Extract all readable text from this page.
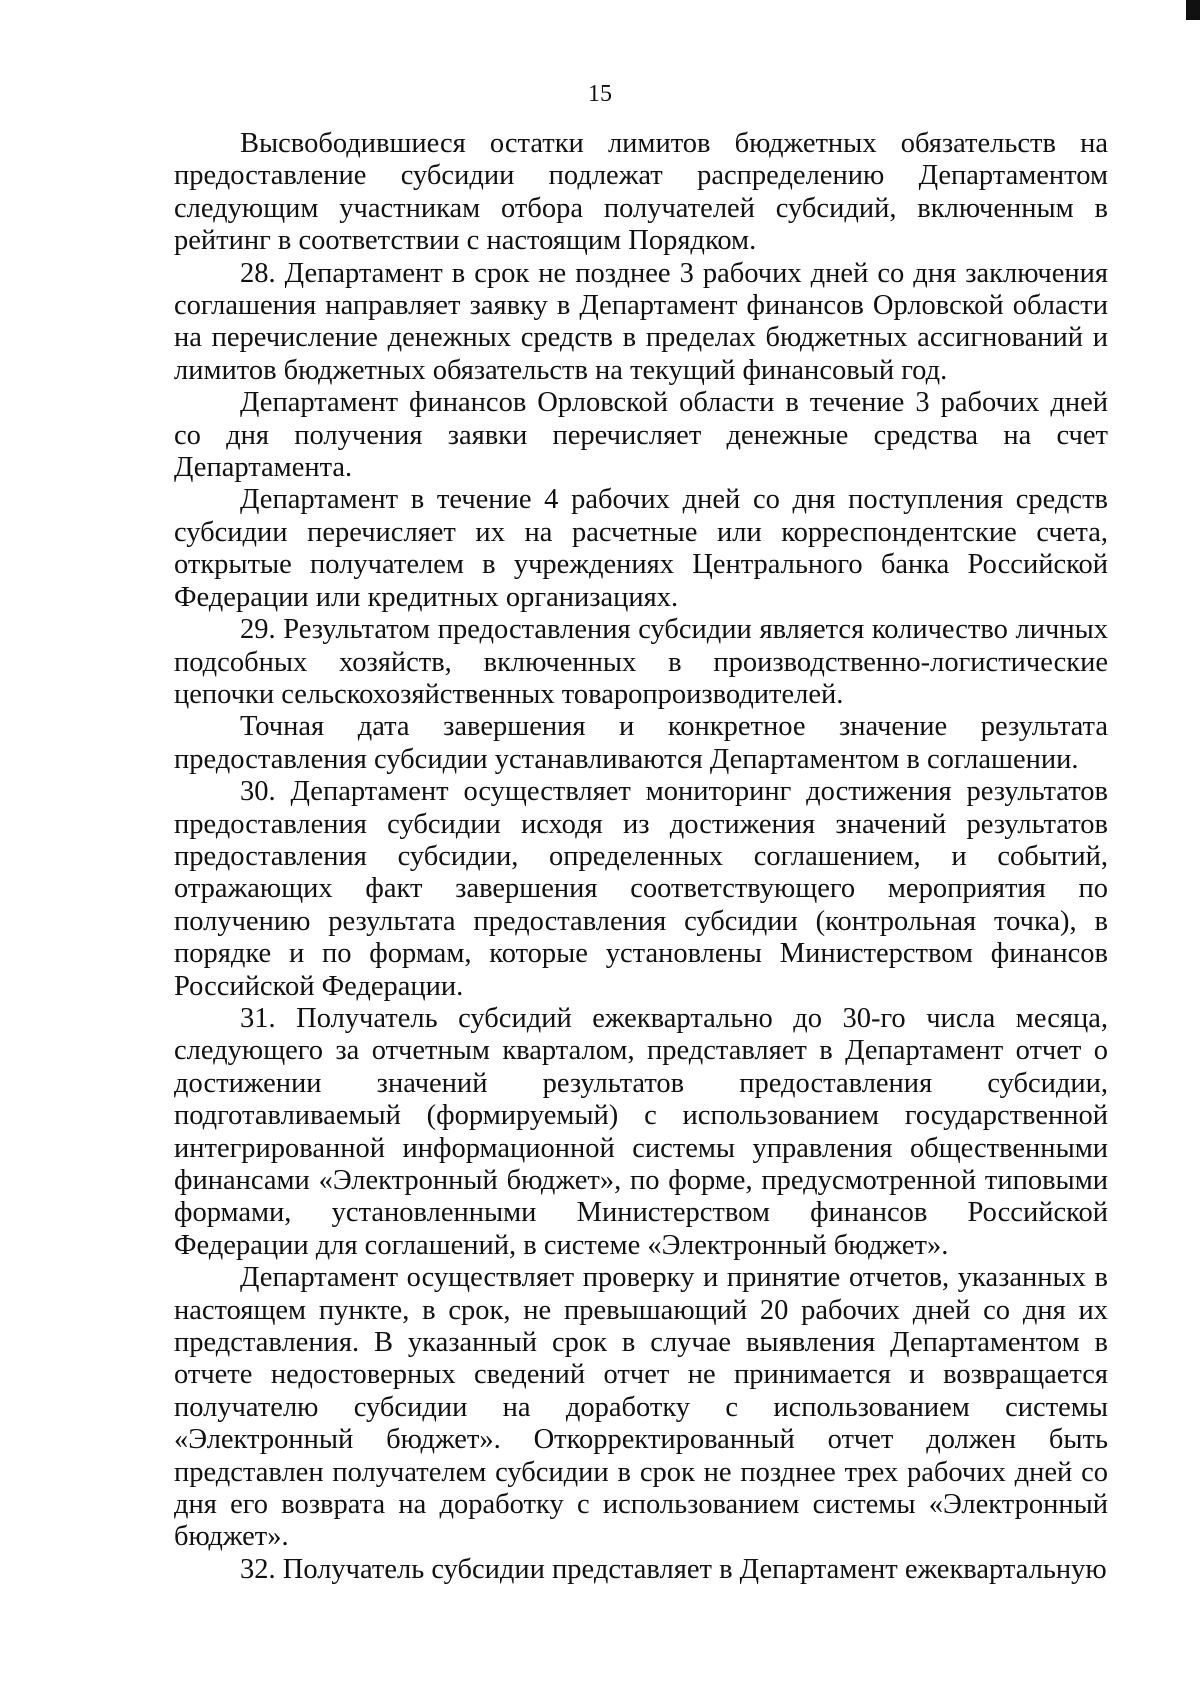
15

Высвободившиеся остатки лимитов бюджетных обязательств на предоставление субсидии подлежат распределению Департаментом следующим участникам отбора получателей субсидий, включенным в рейтинг в соответствии с настоящим Порядком.

28. Департамент в срок не позднее 3 рабочих дней со дня заключения соглашения направляет заявку в Департамент финансов Орловской области на перечисление денежных средств в пределах бюджетных ассигнований и лимитов бюджетных обязательств на текущий финансовый год.

Департамент финансов Орловской области в течение 3 рабочих дней со дня получения заявки перечисляет денежные средства на счет Департамента.

Департамент в течение 4 рабочих дней со дня поступления средств субсидии перечисляет их на расчетные или корреспондентские счета, открытые получателем в учреждениях Центрального банка Российской Федерации или кредитных организациях.

29. Результатом предоставления субсидии является количество личных подсобных хозяйств, включенных в производственно-логистические цепочки сельскохозяйственных товаропроизводителей.

Точная дата завершения и конкретное значение результата предоставления субсидии устанавливаются Департаментом в соглашении.

30. Департамент осуществляет мониторинг достижения результатов предоставления субсидии исходя из достижения значений результатов предоставления субсидии, определенных соглашением, и событий, отражающих факт завершения соответствующего мероприятия по получению результата предоставления субсидии (контрольная точка), в порядке и по формам, которые установлены Министерством финансов Российской Федерации.

31. Получатель субсидий ежеквартально до 30-го числа месяца, следующего за отчетным кварталом, представляет в Департамент отчет о достижении значений результатов предоставления субсидии, подготавливаемый (формируемый) с использованием государственной интегрированной информационной системы управления общественными финансами «Электронный бюджет», по форме, предусмотренной типовыми формами, установленными Министерством финансов Российской Федерации для соглашений, в системе «Электронный бюджет».

Департамент осуществляет проверку и принятие отчетов, указанных в настоящем пункте, в срок, не превышающий 20 рабочих дней со дня их представления. В указанный срок в случае выявления Департаментом в отчете недостоверных сведений отчет не принимается и возвращается получателю субсидии на доработку с использованием системы «Электронный бюджет». Откорректированный отчет должен быть представлен получателем субсидии в срок не позднее трех рабочих дней со дня его возврата на доработку с использованием системы «Электронный бюджет».

32. Получатель субсидии представляет в Департамент ежеквартальную
